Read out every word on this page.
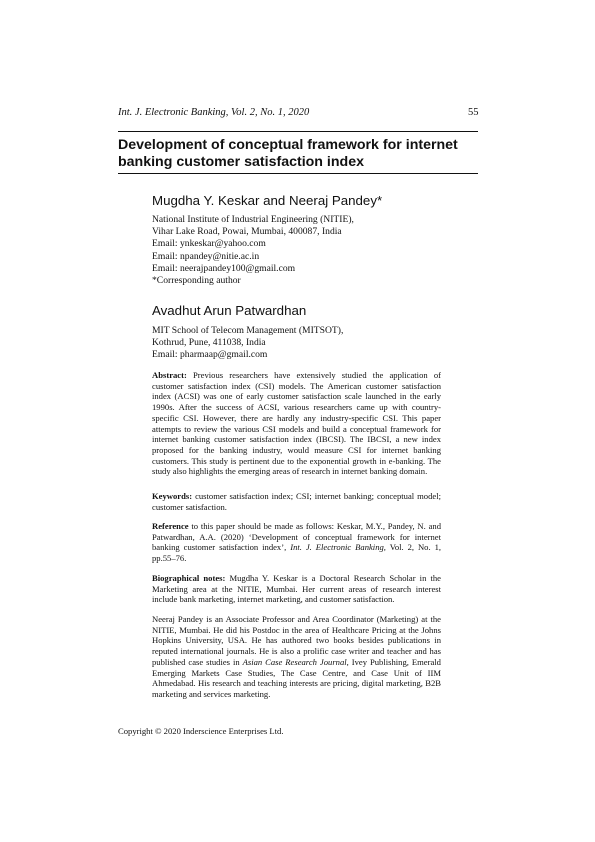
Int. J. Electronic Banking, Vol. 2, No. 1, 2020	55
Development of conceptual framework for internet
banking customer satisfaction index
Mugdha Y. Keskar and Neeraj Pandey*
National Institute of Industrial Engineering (NITIE),
Vihar Lake Road, Powai, Mumbai, 400087, India
Email: ynkeskar@yahoo.com
Email: npandey@nitie.ac.in
Email: neerajpandey100@gmail.com
*Corresponding author
Avadhut Arun Patwardhan
MIT School of Telecom Management (MITSOT),
Kothrud, Pune, 411038, India
Email: pharmaap@gmail.com
Abstract: Previous researchers have extensively studied the application of customer satisfaction index (CSI) models. The American customer satisfaction index (ACSI) was one of early customer satisfaction scale launched in the early 1990s. After the success of ACSI, various researchers came up with country-specific CSI. However, there are hardly any industry-specific CSI. This paper attempts to review the various CSI models and build a conceptual framework for internet banking customer satisfaction index (IBCSI). The IBCSI, a new index proposed for the banking industry, would measure CSI for internet banking customers. This study is pertinent due to the exponential growth in e-banking. The study also highlights the emerging areas of research in internet banking domain.
Keywords: customer satisfaction index; CSI; internet banking; conceptual model; customer satisfaction.
Reference to this paper should be made as follows: Keskar, M.Y., Pandey, N. and Patwardhan, A.A. (2020) ‘Development of conceptual framework for internet banking customer satisfaction index’, Int. J. Electronic Banking, Vol. 2, No. 1, pp.55–76.
Biographical notes: Mugdha Y. Keskar is a Doctoral Research Scholar in the Marketing area at the NITIE, Mumbai. Her current areas of research interest include bank marketing, internet marketing, and customer satisfaction.
Neeraj Pandey is an Associate Professor and Area Coordinator (Marketing) at the NITIE, Mumbai. He did his Postdoc in the area of Healthcare Pricing at the Johns Hopkins University, USA. He has authored two books besides publications in reputed international journals. He is also a prolific case writer and teacher and has published case studies in Asian Case Research Journal, Ivey Publishing, Emerald Emerging Markets Case Studies, The Case Centre, and Case Unit of IIM Ahmedabad. His research and teaching interests are pricing, digital marketing, B2B marketing and services marketing.
Copyright © 2020 Inderscience Enterprises Ltd.
